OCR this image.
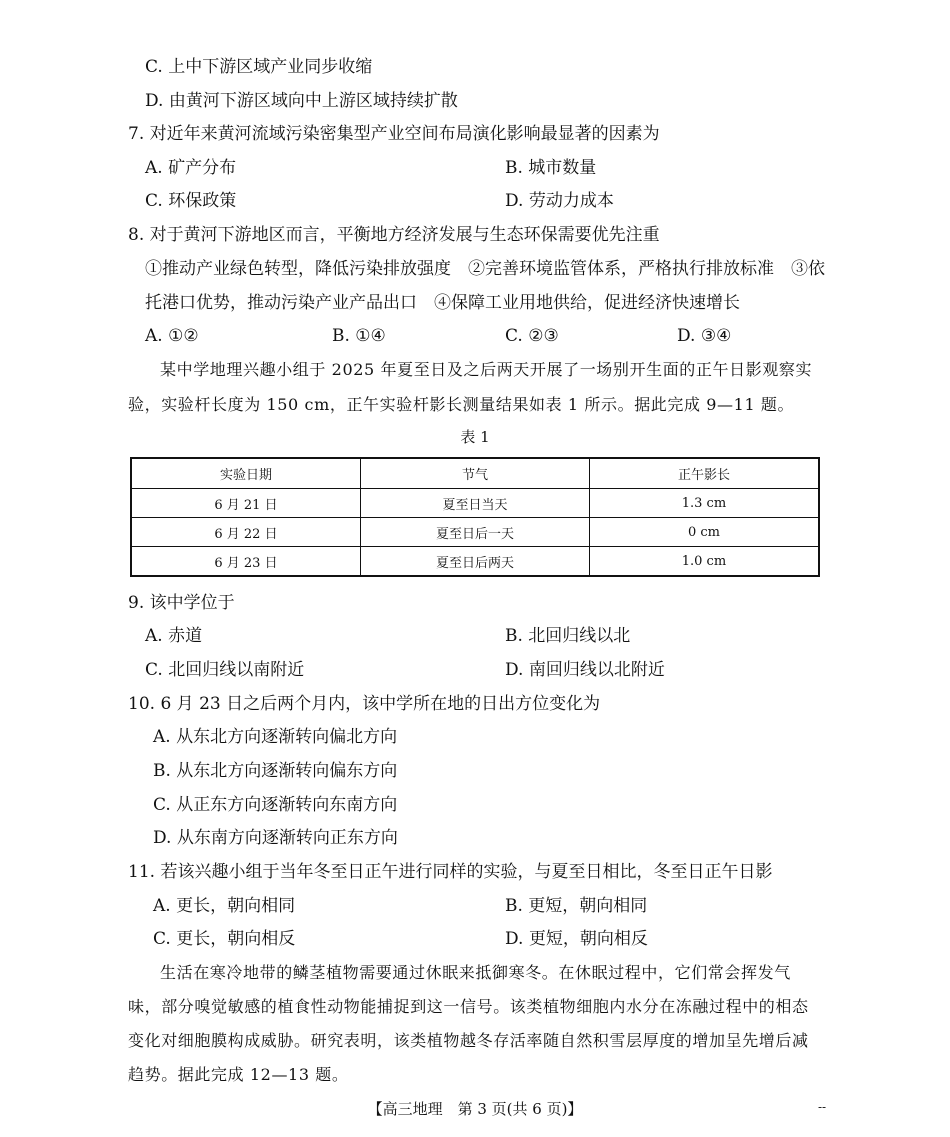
C. 上中下游区域产业同步收缩
D. 由黄河下游区域向中上游区域持续扩散
7. 对近年来黄河流域污染密集型产业空间布局演化影响最显著的因素为
A. 矿产分布	B. 城市数量
C. 环保政策	D. 劳动力成本
8. 对于黄河下游地区而言，平衡地方经济发展与生态环保需要优先注重
①推动产业绿色转型，降低污染排放强度　②完善环境监管体系，严格执行排放标准　③依
托港口优势，推动污染产业产品出口　④保障工业用地供给，促进经济快速增长
A. ①②	B. ①④	C. ②③	D. ③④
某中学地理兴趣小组于 2025 年夏至日及之后两天开展了一场别开生面的正午日影观察实
验，实验杆长度为 150 cm，正午实验杆影长测量结果如表 1 所示。据此完成 9—11 题。
表 1
实验日期	节气	正午影长
6 月 21 日	夏至日当天	1.3 cm
6 月 22 日	夏至日后一天	0 cm
6 月 23 日	夏至日后两天	1.0 cm
9. 该中学位于
A. 赤道	B. 北回归线以北
C. 北回归线以南附近	D. 南回归线以北附近
10. 6 月 23 日之后两个月内，该中学所在地的日出方位变化为
A. 从东北方向逐渐转向偏北方向
B. 从东北方向逐渐转向偏东方向
C. 从正东方向逐渐转向东南方向
D. 从东南方向逐渐转向正东方向
11. 若该兴趣小组于当年冬至日正午进行同样的实验，与夏至日相比，冬至日正午日影
A. 更长，朝向相同	B. 更短，朝向相同
C. 更长，朝向相反	D. 更短，朝向相反
生活在寒冷地带的鳞茎植物需要通过休眠来抵御寒冬。在休眠过程中，它们常会挥发气
味，部分嗅觉敏感的植食性动物能捕捉到这一信号。该类植物细胞内水分在冻融过程中的相态
变化对细胞膜构成威胁。研究表明，该类植物越冬存活率随自然积雪层厚度的增加呈先增后减
趋势。据此完成 12—13 题。
【高三地理　第 3 页(共 6 页)】	--
